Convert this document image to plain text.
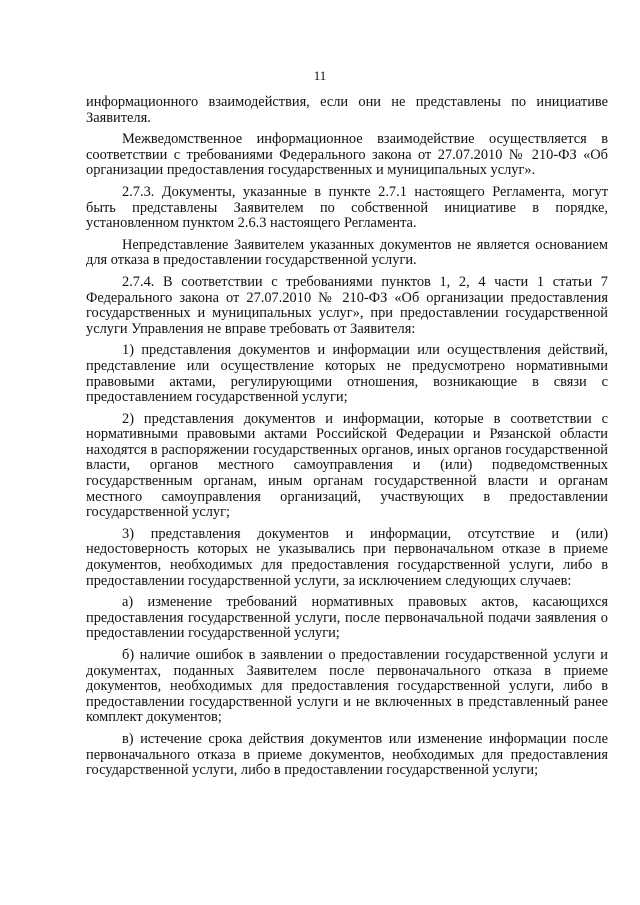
11

информационного взаимодействия, если они не представлены по инициативе Заявителя.

Межведомственное информационное взаимодействие осуществляется в соответствии с требованиями Федерального закона от 27.07.2010 № 210-ФЗ «Об организации предоставления государственных и муниципальных услуг».

2.7.3. Документы, указанные в пункте 2.7.1 настоящего Регламента, могут быть представлены Заявителем по собственной инициативе в порядке, установленном пунктом 2.6.3 настоящего Регламента.

Непредставление Заявителем указанных документов не является основанием для отказа в предоставлении государственной услуги.

2.7.4. В соответствии с требованиями пунктов 1, 2, 4 части 1 статьи 7 Федерального закона от 27.07.2010 № 210-ФЗ «Об организации предоставления государственных и муниципальных услуг», при предоставлении государственной услуги Управления не вправе требовать от Заявителя:

1) представления документов и информации или осуществления действий, представление или осуществление которых не предусмотрено нормативными правовыми актами, регулирующими отношения, возникающие в связи с предоставлением государственной услуги;

2) представления документов и информации, которые в соответствии с нормативными правовыми актами Российской Федерации и Рязанской области находятся в распоряжении государственных органов, иных органов государственной власти, органов местного самоуправления и (или) подведомственных государственным органам, иным органам государственной власти и органам местного самоуправления организаций, участвующих в предоставлении государственной услуг;

3) представления документов и информации, отсутствие и (или) недостоверность которых не указывались при первоначальном отказе в приеме документов, необходимых для предоставления государственной услуги, либо в предоставлении государственной услуги, за исключением следующих случаев:

а) изменение требований нормативных правовых актов, касающихся предоставления государственной услуги, после первоначальной подачи заявления о предоставлении государственной услуги;

б) наличие ошибок в заявлении о предоставлении государственной услуги и документах, поданных Заявителем после первоначального отказа в приеме документов, необходимых для предоставления государственной услуги, либо в предоставлении государственной услуги и не включенных в представленный ранее комплект документов;

в) истечение срока действия документов или изменение информации после первоначального отказа в приеме документов, необходимых для предоставления государственной услуги, либо в предоставлении государственной услуги;
